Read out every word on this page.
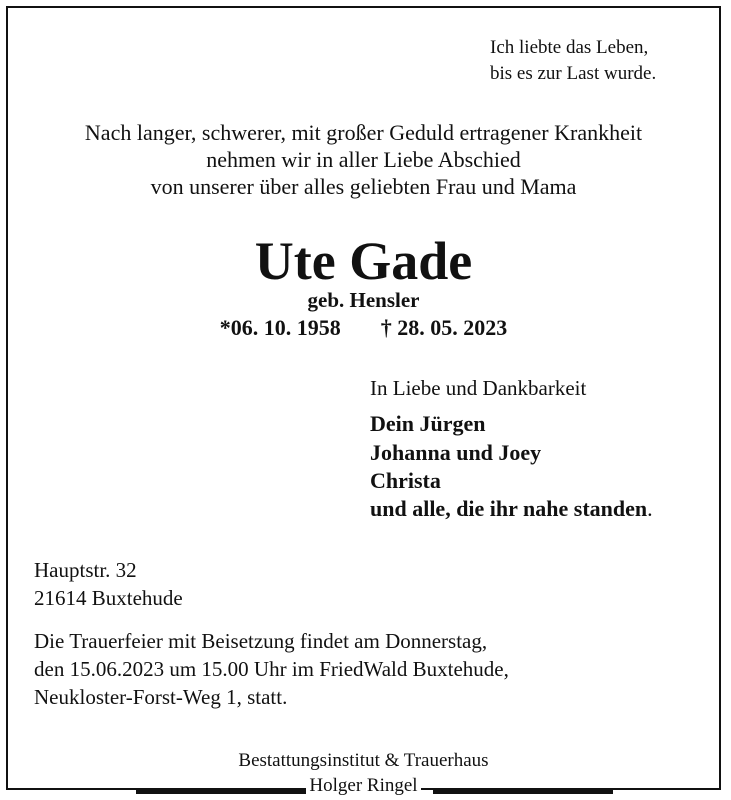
Ich liebte das Leben,
bis es zur Last wurde.
Nach langer, schwerer, mit großer Geduld ertragener Krankheit
nehmen wir in aller Liebe Abschied
von unserer über alles geliebten Frau und Mama
Ute Gade
geb. Hensler
*06. 10. 1958 † 28. 05. 2023
In Liebe und Dankbarkeit
Dein Jürgen
Johanna und Joey
Christa
und alle, die ihr nahe standen.
Hauptstr. 32
21614 Buxtehude
Die Trauerfeier mit Beisetzung findet am Donnerstag,
den 15.06.2023 um 15.00 Uhr im FriedWald Buxtehude,
Neukloster-Forst-Weg 1, statt.
Bestattungsinstitut & Trauerhaus
Holger Ringel
